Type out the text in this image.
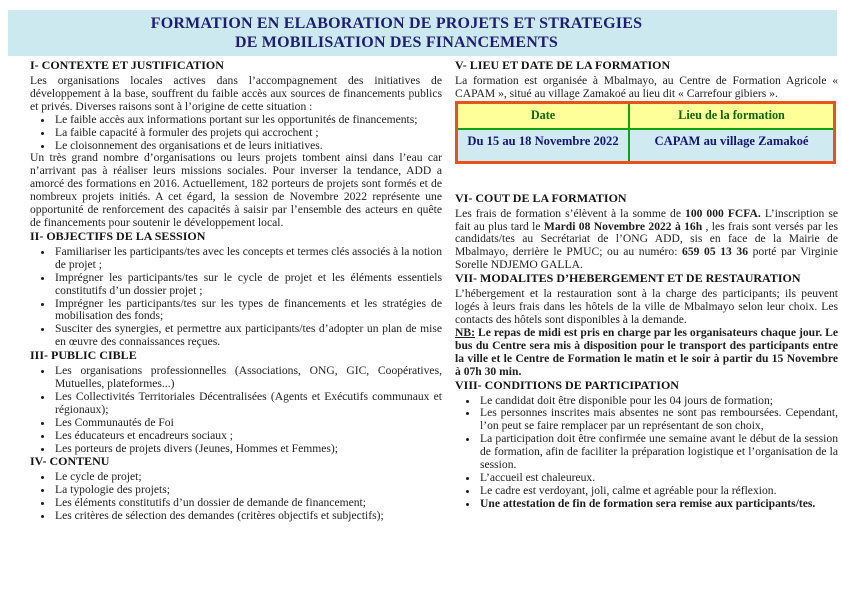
FORMATION EN ELABORATION DE PROJETS ET STRATEGIES
DE MOBILISATION DES FINANCEMENTS
I- CONTEXTE ET JUSTIFICATION

Les organisations locales actives dans l’accompagnement des initiatives de développement à la base, souffrent du faible accès aux sources de financements publics et privés. Diverses raisons sont à l’origine de cette situation :

• Le faible accès aux informations portant sur les opportunités de financements;
• La faible capacité à formuler des projets qui accrochent ;
• Le cloisonnement des organisations et de leurs initiatives.

Un très grand nombre d’organisations ou leurs projets tombent ainsi dans l’eau car n’arrivant pas à réaliser leurs missions sociales. Pour inverser la tendance, ADD a amorcé des formations en 2016. Actuellement, 182 porteurs de projets sont formés et de nombreux projets initiés. A cet égard, la session de Novembre 2022 représente une opportunité de renforcement des capacités à saisir par l’ensemble des acteurs en quête de financements pour soutenir le développement local.

II- OBJECTIFS DE LA SESSION
• Familiariser les participants/tes avec les concepts et termes clés associés à la notion de projet ;
• Imprégner les participants/tes sur le cycle de projet et les éléments essentiels constitutifs d’un dossier projet ;
• Imprégner les participants/tes sur les types de financements et les stratégies de mobilisation des fonds;
• Susciter des synergies, et permettre aux participants/tes d’adopter un plan de mise en œuvre des connaissances reçues.
III- PUBLIC CIBLE
• Les organisations professionnelles (Associations, ONG, GIC, Coopératives, Mutuelles, plateformes...)
• Les Collectivités Territoriales Décentralisées (Agents et Exécutifs communaux et régionaux);
• Les Communautés de Foi
• Les éducateurs et encadreurs sociaux ;
• Les porteurs de projets divers (Jeunes, Hommes et Femmes);
IV- CONTENU
• Le cycle de projet;
• La typologie des projets;
• Les éléments constitutifs d’un dossier de demande de financement;
• Les critères de sélection des demandes (critères objectifs et subjectifs);
V- LIEU ET DATE DE LA FORMATION

La formation est organisée à Mbalmayo, au Centre de Formation Agricole « CAPAM », situé au village Zamakoé au lieu dit « Carrefour gibiers ».

Date	Lieu de la formation
Du 15 au 18 Novembre 2022	CAPAM au village Zamakoé
VI- COUT DE LA FORMATION

Les frais de formation s’élèvent à la somme de 100 000 FCFA. L’inscription se fait au plus tard le Mardi 08 Novembre 2022 à 16h , les frais sont versés par les candidats/tes au Secrétariat de l’ONG ADD, sis en face de la Mairie de Mbalmayo, derrière le PMUC; ou au numéro: 659 05 13 36 porté par Virginie Sorelle NDJEMO GALLA.

VII- MODALITES D’HEBERGEMENT ET DE RESTAURATION

L’hébergement et la restauration sont à la charge des participants; ils peuvent logés à leurs frais dans les hôtels de la ville de Mbalmayo selon leur choix. Les contacts des hôtels sont disponibles à la demande.

NB: Le repas de midi est pris en charge par les organisateurs chaque jour. Le bus du Centre sera mis à disposition pour le transport des participants entre la ville et le Centre de Formation le matin et le soir à partir du 15 Novembre à 07h 30 min.

VIII- CONDITIONS DE PARTICIPATION
• Le candidat doit être disponible pour les 04 jours de formation;
• Les personnes inscrites mais absentes ne sont pas remboursées. Cependant, l’on peut se faire remplacer par un représentant de son choix,
• La participation doit être confirmée une semaine avant le début de la session de formation, afin de faciliter la préparation logistique et l’organisation de la session.
• L’accueil est chaleureux.
• Le cadre est verdoyant, joli, calme et agréable pour la réflexion.
• Une attestation de fin de formation sera remise aux participants/tes.
